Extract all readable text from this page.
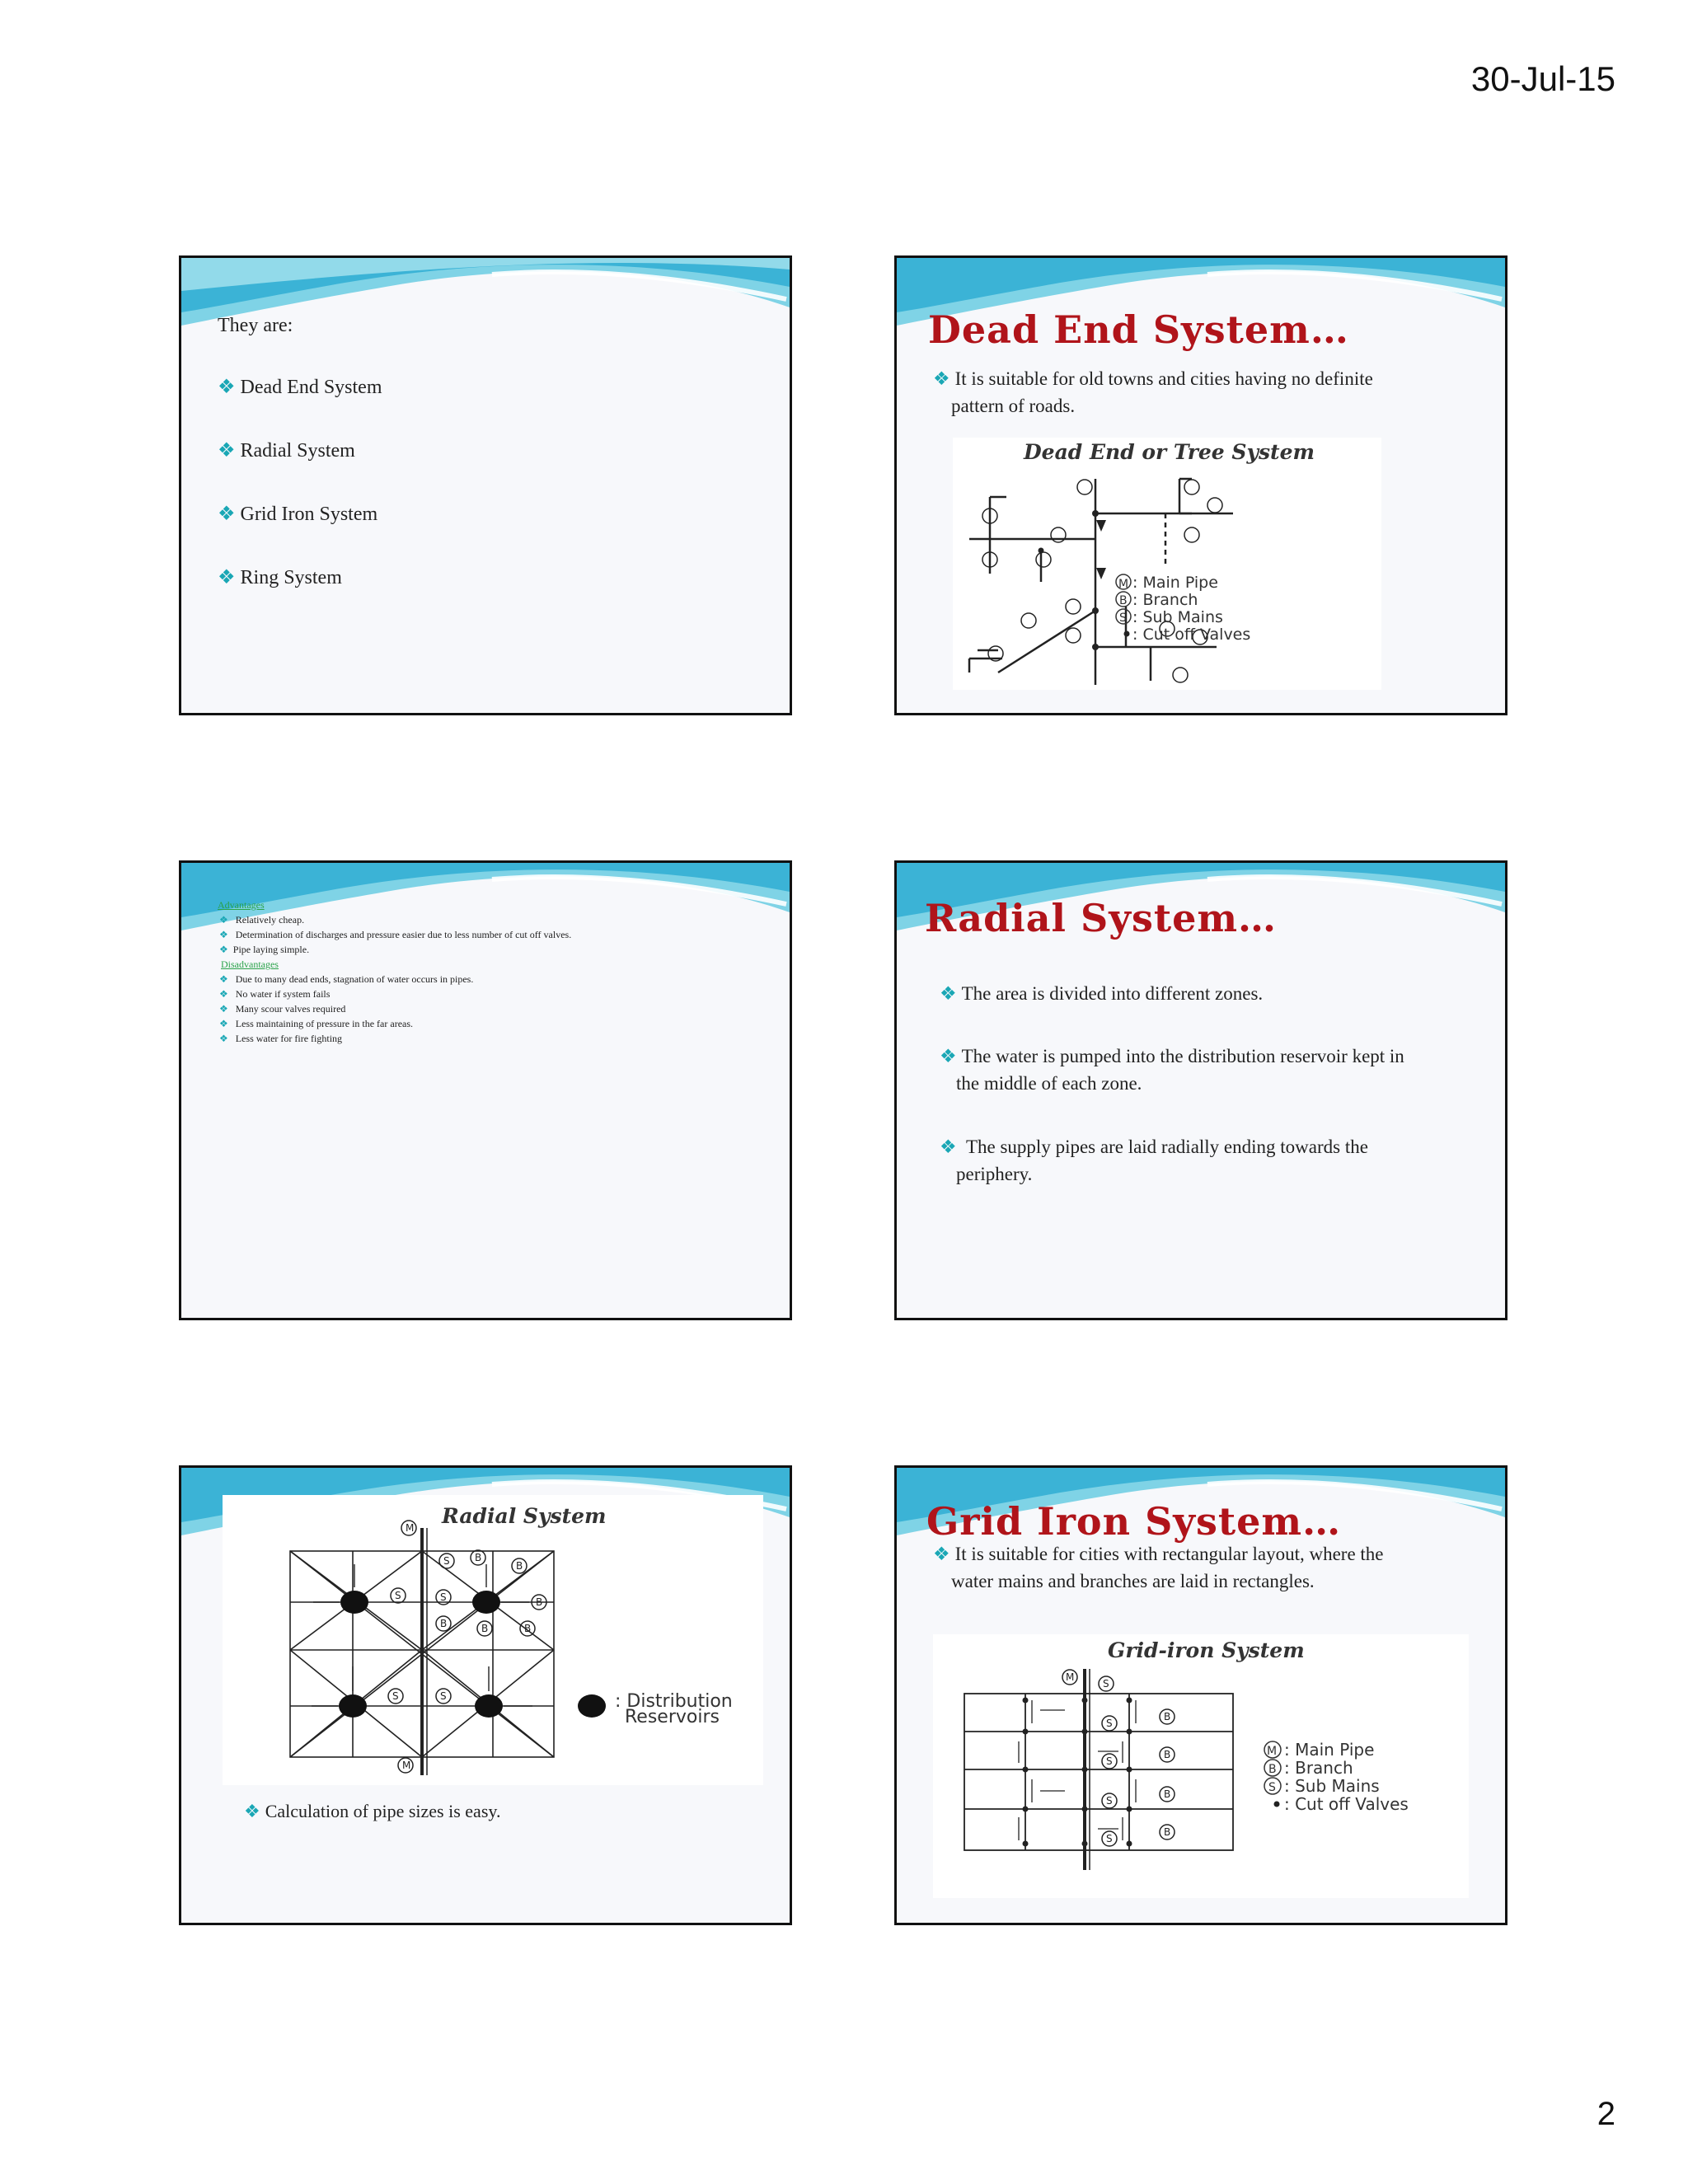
30-Jul-15
They are:
❖ Dead End System
❖ Radial System
❖ Grid Iron System
❖ Ring System
Dead End System…
❖ It is suitable for old towns and cities having no definite
pattern of roads.
Dead End or Tree System
M : Main Pipe
B : Branch
S : Sub Mains
: Cut off Valves
Advantages
❖ Relatively cheap.
❖ Determination of discharges and pressure easier due to less number of cut off valves.
❖ Pipe laying simple.
Disadvantages
❖ Due to many dead ends, stagnation of water occurs in pipes.
❖ No water if system fails
❖ Many scour valves required
❖ Less maintaining of pressure in the far areas.
❖ Less water for fire fighting
Radial System…
❖ The area is divided into different zones.
❖ The water is pumped into the distribution reservoir kept in
the middle of each zone.
❖ The supply pipes are laid radially ending towards the
periphery.
Radial System
M
S	B
B
S	S	B
B	B	B
S	S
M
: Distribution
Reservoirs
❖ Calculation of pipe sizes is easy.
Grid Iron System…
❖ It is suitable for cities with rectangular layout, where the
water mains and branches are laid in rectangles.
Grid-iron System
M
S
B
S
B
S
B
S
B
S
M : Main Pipe
B : Branch
S : Sub Mains
: Cut off Valves
2
